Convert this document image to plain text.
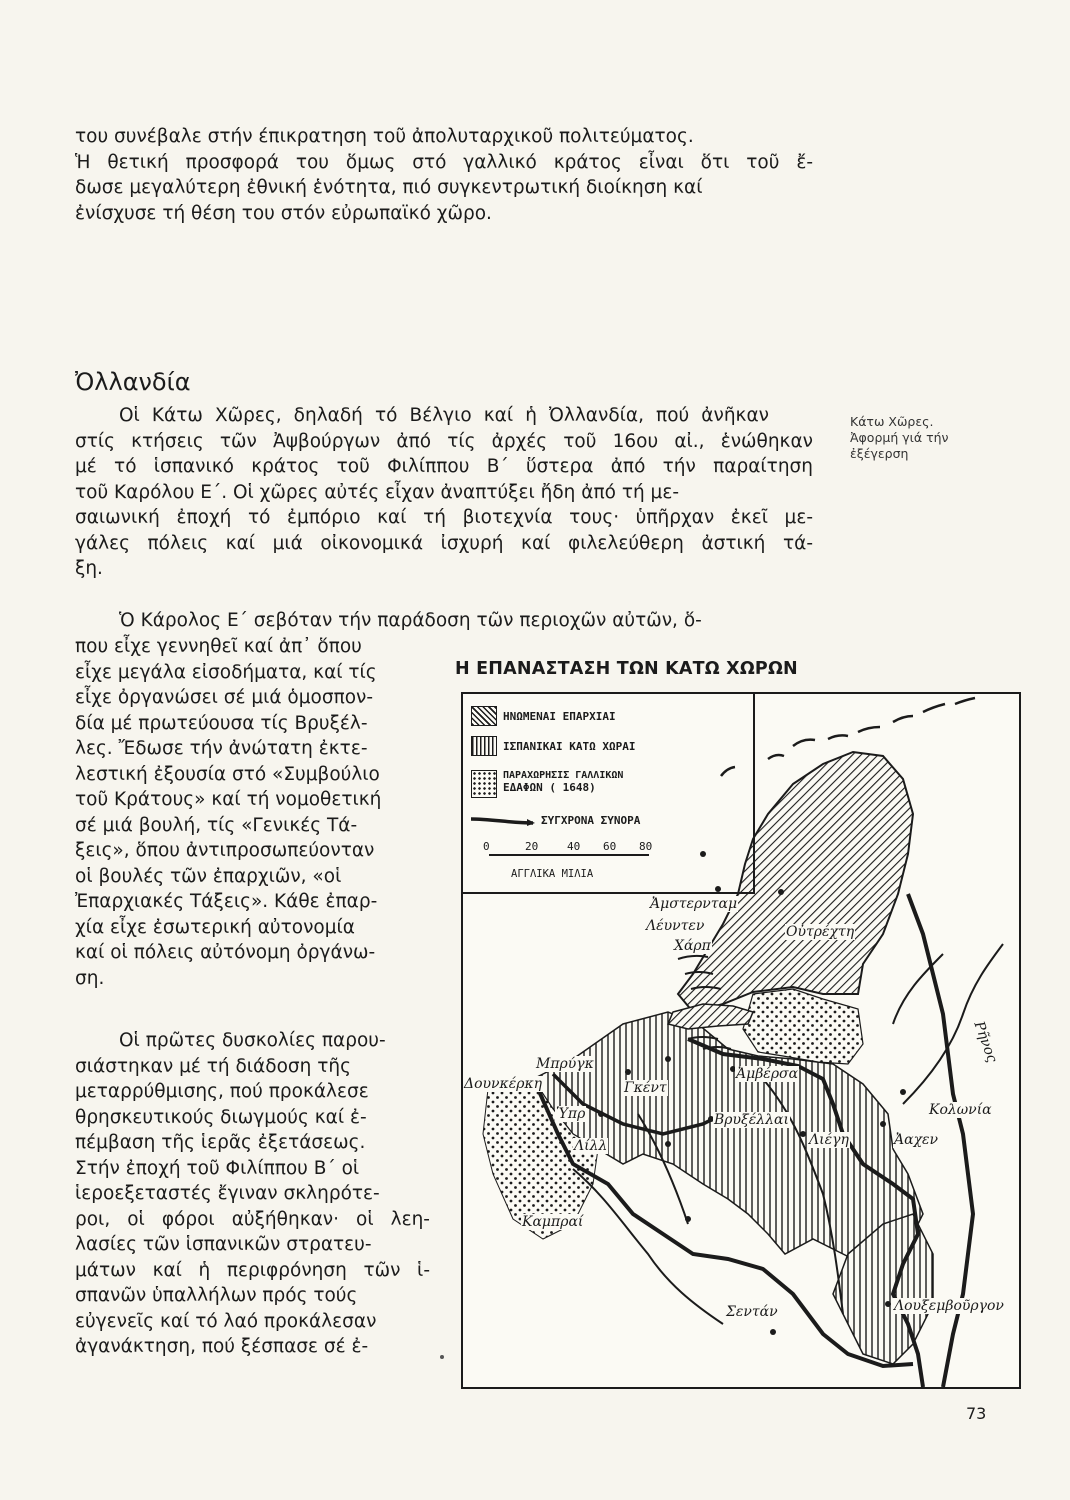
του συνέβαλε στήν έπικρατηση τοῦ ἀπολυταρχικοῦ πολιτεύματος.
Ἡ θετική προσφορά του ὅμως στό γαλλικό κράτος εἶναι ὅτι τοῦ ἔ-
δωσε μεγαλύτερη ἐθνική ἑνότητα, πιό συγκεντρωτική διοίκηση καί
ἐνίσχυσε τή θέση του στόν εὐρωπαϊκό χῶρο.
Ὀλλανδία
Κάτω Χῶρες.
Ἀφορμή γιά τήν
ἐξέγερση
Οἱ Κάτω Χῶρες, δηλαδή τό Βέλγιο καί ἡ Ὀλλανδία, πού ἀνῆκαν
στίς κτήσεις τῶν Ἀψβούργων ἀπό τίς ἀρχές τοῦ 16ου αἰ., ἑνώθηκαν
μέ τό ἱσπανικό κράτος τοῦ Φιλίππου Β΄ ὕστερα ἀπό τήν παραίτηση
τοῦ Καρόλου Ε΄. Οἱ χῶρες αὐτές εἶχαν ἀναπτύξει ἤδη ἀπό τή με-
σαιωνική ἐποχή τό ἐμπόριο καί τή βιοτεχνία τους· ὑπῆρχαν ἐκεῖ με-
γάλες πόλεις καί μιά οἰκονομικά ἰσχυρή καί φιλελεύθερη ἀστική τά-
ξη.
Ὁ Κάρολος Ε΄ σεβόταν τήν παράδοση τῶν περιοχῶν αὐτῶν, ὅ-
που εἶχε γεννηθεῖ καί ἀπ᾽ ὅπου
εἶχε μεγάλα εἰσοδήματα, καί τίς
εἶχε ὀργανώσει σέ μιά ὁμοσπον-
δία μέ πρωτεύουσα τίς Βρυξέλ-
λες. Ἔδωσε τήν ἀνώτατη ἐκτε-
λεστική ἐξουσία στό «Συμβούλιο
τοῦ Κράτους» καί τή νομοθετική
σέ μιά βουλή, τίς «Γενικές Τά-
ξεις», ὅπου ἀντιπροσωπεύονταν
οἱ βουλές τῶν ἐπαρχιῶν, «οἱ
Ἐπαρχιακές Τάξεις». Κάθε ἐπαρ-
χία εἶχε ἐσωτερική αὐτονομία
καί οἱ πόλεις αὐτόνομη ὀργάνω-
ση.
Οἱ πρῶτες δυσκολίες παρου-
σιάστηκαν μέ τή διάδοση τῆς
μεταρρύθμισης, πού προκάλεσε
θρησκευτικούς διωγμούς καί ἐ-
πέμβαση τῆς ἱερᾶς ἐξετάσεως.
Στήν ἐποχή τοῦ Φιλίππου Β΄ οἱ
ἱεροεξεταστές ἔγιναν σκληρότε-
ροι, οἱ φόροι αὐξήθηκαν· οἱ λεη-
λασίες τῶν ἱσπανικῶν στρατευ-
μάτων καί ἡ περιφρόνηση τῶν ἱ-
σπανῶν ὑπαλλήλων πρός τούς
εὐγενεῖς καί τό λαό προκάλεσαν
ἀγανάκτηση, πού ξέσπασε σέ ἐ-
Η ΕΠΑΝΑΣΤΑΣΗ ΤΩΝ ΚΑΤΩ ΧΩΡΩΝ
ΗΝΩΜΕΝΑΙ ΕΠΑΡΧΙΑΙ
ΙΣΠΑΝΙΚΑΙ ΚΑΤΩ ΧΩΡΑΙ
ΠΑΡΑΧΩΡΗΣΙΣ ΓΑΛΛΙΚΩΝ
ΕΔΑΦΩΝ ( 1648)
ΣΥΓΧΡΟΝΑ ΣΥΝΟΡΑ
0	20	40 60 80
ΑΓΓΛΙΚΑ ΜΙΛΙΑ
Ἀμστερνταμ
Λέυντεν
Χάρπ
Οὐτρέχτη
Μπρύγκ
Δουνκέρκη	Γκέντ
Ἀμβέρσα
Ὑπρ	Βρυξέλλαι
Λιέγη
Λίλλ
Κολωνία
Ἀαχεν
Ρῆνος
Καμπραί
Σεντάν	Λουξεμβοῦργον
73
